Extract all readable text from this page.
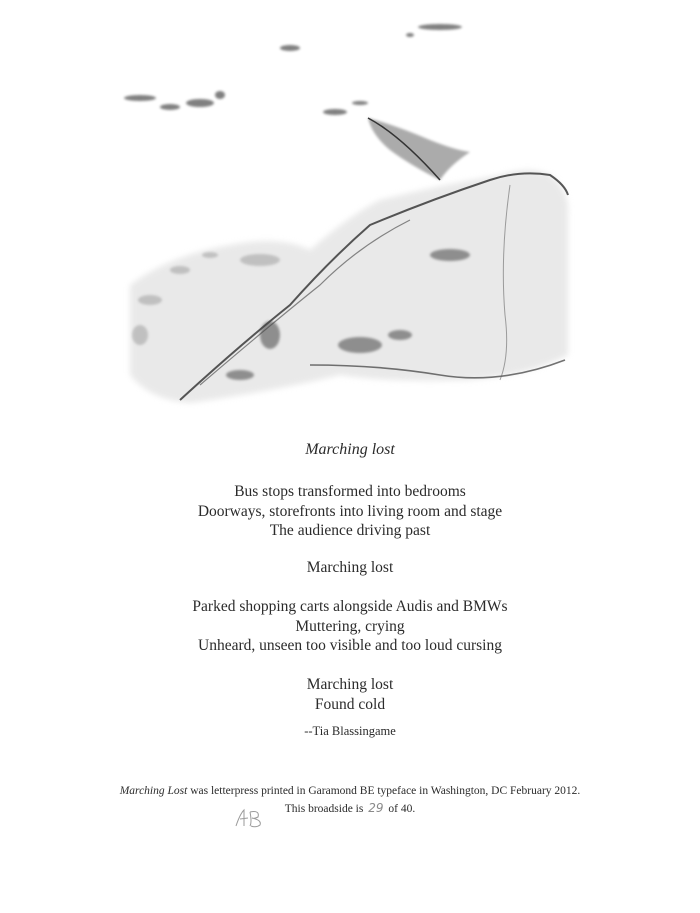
Marching lost
Bus stops transformed into bedrooms
Doorways, storefronts into living room and stage
The audience driving past
Marching lost
Parked shopping carts alongside Audis and BMWs
Muttering, crying
Unheard, unseen too visible and too loud cursing
Marching lost
Found cold
--Tia Blassingame
Marching Lost was letterpress printed in Garamond BE typeface in Washington, DC February 2012.
This broadside is 29 of 40.
